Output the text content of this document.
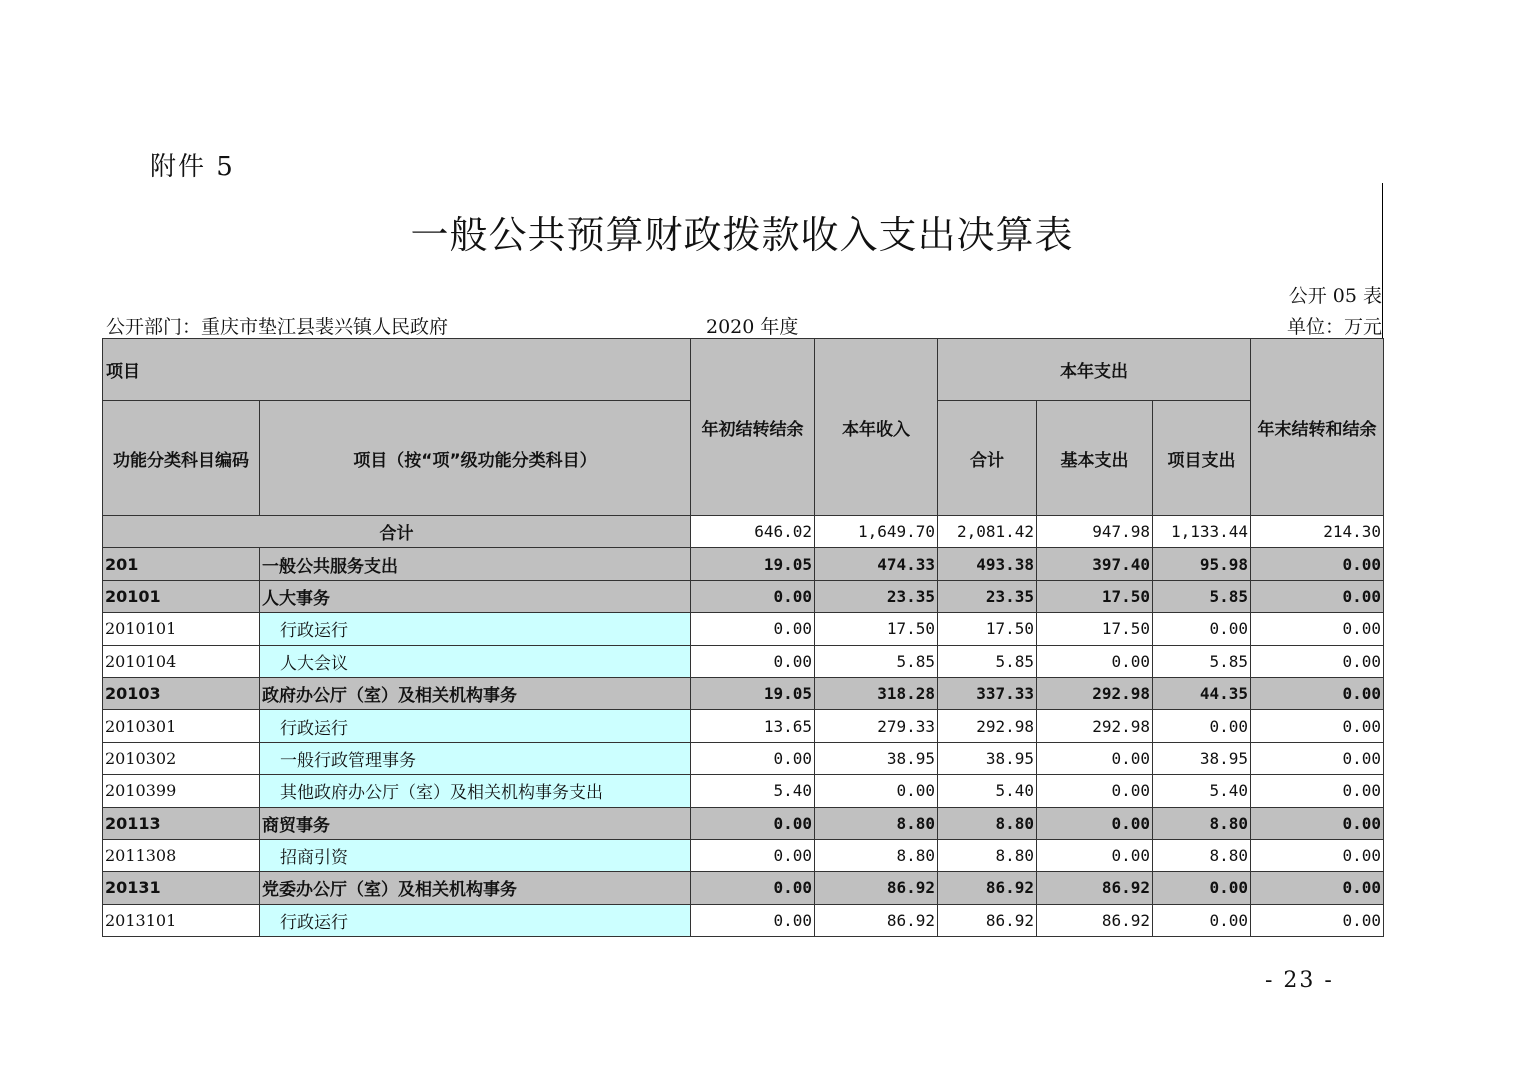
附件 5
一般公共预算财政拨款收入支出决算表
公开 05 表
公开部门：重庆市垫江县裴兴镇人民政府	2020 年度	单位：万元
项目		年初结转结余	本年收入	本年支出			年末结转和结余
功能分类科目编码	项目（按“项”级功能分类科目）			合计	基本支出	项目支出	
合计		646.02	1,649.70	2,081.42	947.98	1,133.44	214.30
201	一般公共服务支出	19.05	474.33	493.38	397.40	95.98	0.00
20101	人大事务	0.00	23.35	23.35	17.50	5.85	0.00
2010101	行政运行	0.00	17.50	17.50	17.50	0.00	0.00
2010104	人大会议	0.00	5.85	5.85	0.00	5.85	0.00
20103	政府办公厅（室）及相关机构事务	19.05	318.28	337.33	292.98	44.35	0.00
2010301	行政运行	13.65	279.33	292.98	292.98	0.00	0.00
2010302	一般行政管理事务	0.00	38.95	38.95	0.00	38.95	0.00
2010399	其他政府办公厅（室）及相关机构事务支出	5.40	0.00	5.40	0.00	5.40	0.00
20113	商贸事务	0.00	8.80	8.80	0.00	8.80	0.00
2011308	招商引资	0.00	8.80	8.80	0.00	8.80	0.00
20131	党委办公厅（室）及相关机构事务	0.00	86.92	86.92	86.92	0.00	0.00
2013101	行政运行	0.00	86.92	86.92	86.92	0.00	0.00
- 23 -
